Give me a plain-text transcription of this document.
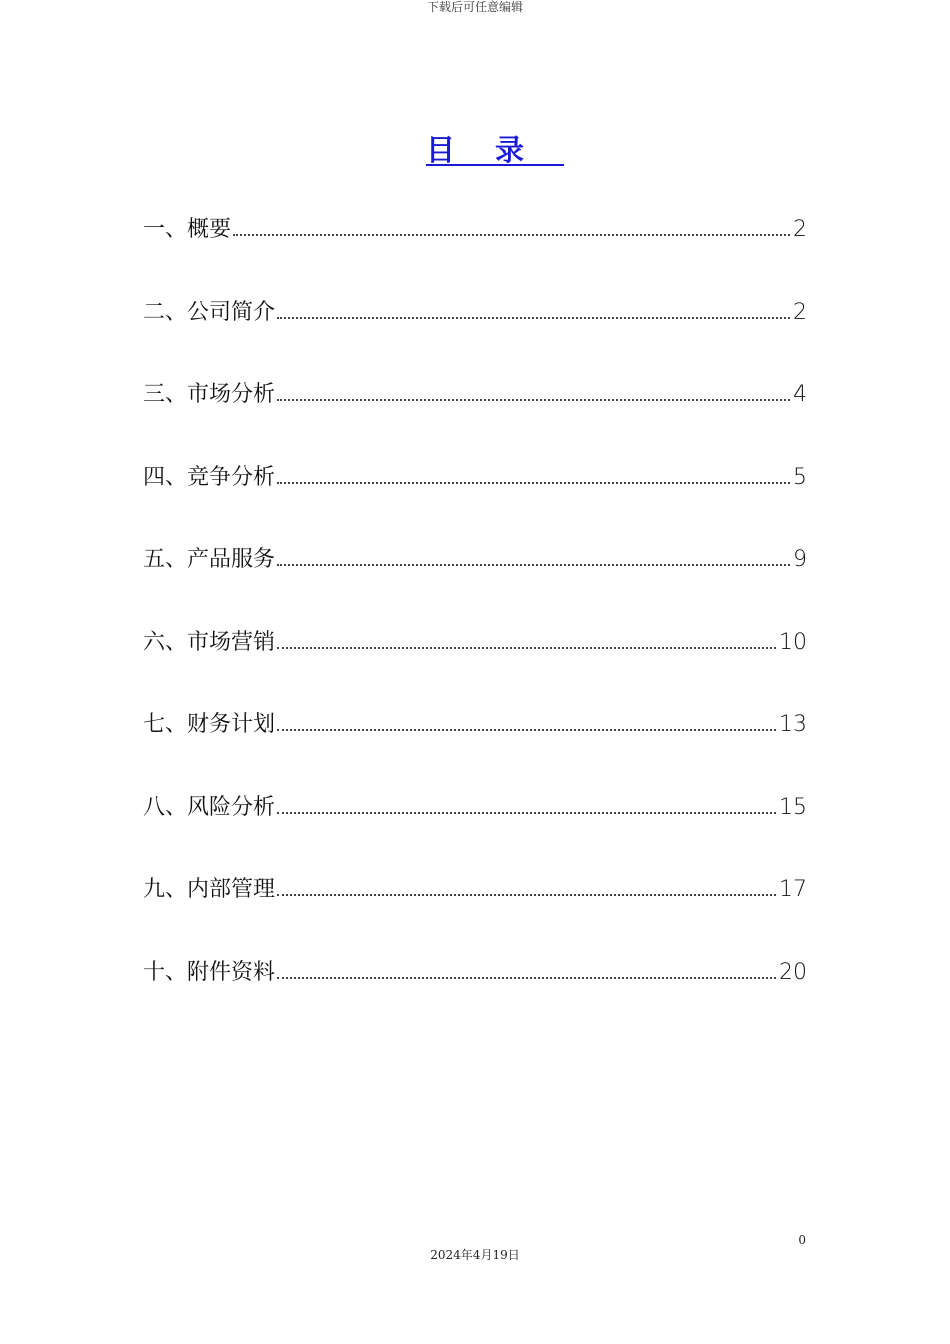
下载后可任意编辑
目录
一、概要	2
二、公司简介	2
三、市场分析	4
四、竞争分析	5
五、产品服务	9
六、市场营销	10
七、财务计划	13
八、风险分析	15
九、内部管理	17
十、附件资料	20
0
2024年4月19日
